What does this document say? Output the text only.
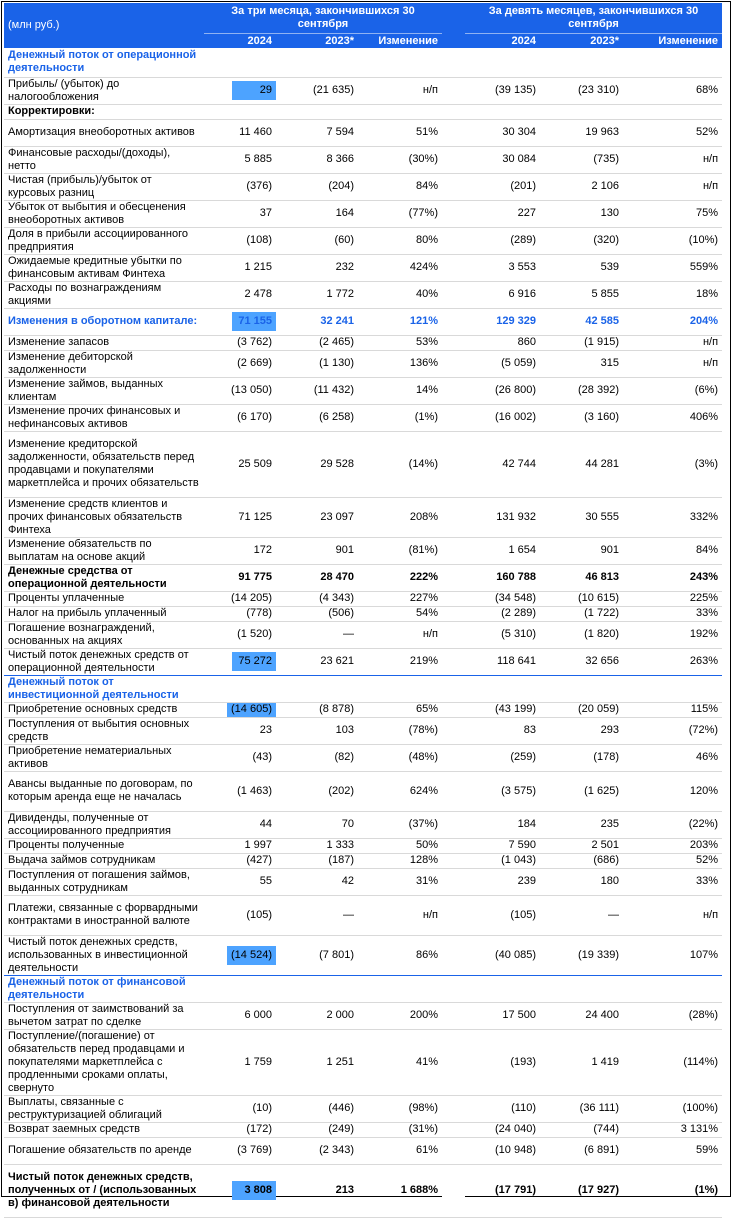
(млн руб.)	За три месяца, закончившихся 30 сентября				За девять месяцев, закончившихся 30 сентября		
	2024	2023*	Изменение		2024	2023*	Изменение
Денежный поток от операционной деятельности							
Прибыль/ (убыток) до налогообложения	29	(21 635)	н/п		(39 135)	(23 310)	68%
Корректировки:							
Амортизация внеоборотных активов	11 460	7 594	51%		30 304	19 963	52%
Финансовые расходы/(доходы), нетто	5 885	8 366	(30%)		30 084	(735)	н/п
Чистая (прибыль)/убыток от курсовых разниц	(376)	(204)	84%		(201)	2 106	н/п
Убыток от выбытия и обесценения внеоборотных активов	37	164	(77%)		227	130	75%
Доля в прибыли ассоциированного предприятия	(108)	(60)	80%		(289)	(320)	(10%)
Ожидаемые кредитные убытки по финансовым активам Финтеха	1 215	232	424%		3 553	539	559%
Расходы по вознаграждениям акциями	2 478	1 772	40%		6 916	5 855	18%
Изменения в оборотном капитале:	71 155	32 241	121%		129 329	42 585	204%
Изменение запасов	(3 762)	(2 465)	53%		860	(1 915)	н/п
Изменение дебиторской задолженности	(2 669)	(1 130)	136%		(5 059)	315	н/п
Изменение займов, выданных клиентам	(13 050)	(11 432)	14%		(26 800)	(28 392)	(6%)
Изменение прочих финансовых и нефинансовых активов	(6 170)	(6 258)	(1%)		(16 002)	(3 160)	406%
Изменение кредиторской задолженности, обязательств перед продавцами и покупателями маркетплейса и прочих обязательств	25 509	29 528	(14%)		42 744	44 281	(3%)
Изменение средств клиентов и прочих финансовых обязательств Финтеха	71 125	23 097	208%		131 932	30 555	332%
Изменение обязательств по выплатам на основе акций	172	901	(81%)		1 654	901	84%
Денежные средства от операционной деятельности	91 775	28 470	222%		160 788	46 813	243%
Проценты уплаченные	(14 205)	(4 343)	227%		(34 548)	(10 615)	225%
Налог на прибыль уплаченный	(778)	(506)	54%		(2 289)	(1 722)	33%
Погашение вознаграждений, основанных на акциях	(1 520)	—	н/п		(5 310)	(1 820)	192%
Чистый поток денежных средств от операционной деятельности	75 272	23 621	219%		118 641	32 656	263%
Денежный поток от инвестиционной деятельности							
Приобретение основных средств	(14 605)	(8 878)	65%		(43 199)	(20 059)	115%
Поступления от выбытия основных средств	23	103	(78%)		83	293	(72%)
Приобретение нематериальных активов	(43)	(82)	(48%)		(259)	(178)	46%
Авансы выданные по договорам, по которым аренда еще не началась	(1 463)	(202)	624%		(3 575)	(1 625)	120%
Дивиденды, полученные от ассоциированного предприятия	44	70	(37%)		184	235	(22%)
Проценты полученные	1 997	1 333	50%		7 590	2 501	203%
Выдача займов сотрудникам	(427)	(187)	128%		(1 043)	(686)	52%
Поступления от погашения займов, выданных сотрудникам	55	42	31%		239	180	33%
Платежи, связанные с форвардными контрактами в иностранной валюте	(105)	—	н/п		(105)	—	н/п
Чистый поток денежных средств, использованных в инвестиционной деятельности	(14 524)	(7 801)	86%		(40 085)	(19 339)	107%
Денежный поток от финансовой деятельности							
Поступления от заимствований за вычетом затрат по сделке	6 000	2 000	200%		17 500	24 400	(28%)
Поступление/(погашение) от обязательств перед продавцами и покупателями маркетплейса с продленными сроками оплаты, свернуто	1 759	1 251	41%		(193)	1 419	(114%)
Выплаты, связанные с реструктуризацией облигаций	(10)	(446)	(98%)		(110)	(36 111)	(100%)
Возврат заемных средств	(172)	(249)	(31%)		(24 040)	(744)	3 131%
Погашение обязательств по аренде	(3 769)	(2 343)	61%		(10 948)	(6 891)	59%
Чистый поток денежных средств, полученных от / (использованных в) финансовой деятельности	3 808	213	1 688%		(17 791)	(17 927)	(1%)
